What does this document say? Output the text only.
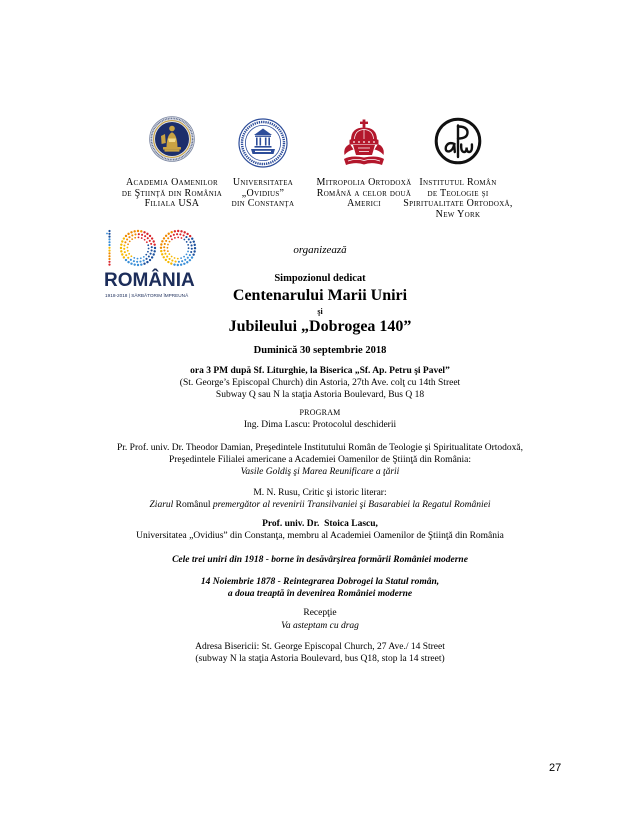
Academia Oamenilor
de Ştiinţă din România
Filiala USA
Universitatea
„Ovidius”
din Constanţa
Mitropolia Ortodoxă
Română a celor două
Americi
Institutul Român
de Teologie şi
Spiritualitate Ortodoxă,
New York
ROMÂNIA
1918-2018 | SĂRBĂTORIM ÎMPREUNĂ
organizează
Simpozionul dedicat
Centenarului Marii Uniri
şi
Jubileului „Dobrogea 140”
Duminică 30 septembrie 2018
ora 3 PM după Sf. Liturghie, la Biserica „Sf. Ap. Petru şi Pavel”
(St. George’s Episcopal Church) din Astoria, 27th Ave. colţ cu 14th Street
Subway Q sau N la staţia Astoria Boulevard, Bus Q 18
PROGRAM
Ing. Dima Lascu: Protocolul deschiderii
Pr. Prof. univ. Dr. Theodor Damian, Preşedintele Institutului Român de Teologie şi Spiritualitate Ortodoxă,
Preşedintele Filialei americane a Academiei Oamenilor de Ştiinţă din România:
Vasile Goldiş şi Marea Reunificare a ţării
M. N. Rusu, Critic şi istoric literar:
Ziarul Românul premergător al revenirii Transilvaniei şi Basarabiei la Regatul României
Prof. univ. Dr.  Stoica Lascu,
Universitatea „Ovidius” din Constanţa, membru al Academiei Oamenilor de Ştiinţă din România
Cele trei uniri din 1918 - borne în desăvârşirea formării României moderne
14 Noiembrie 1878 - Reintegrarea Dobrogei la Statul român,
a doua treaptă în devenirea României moderne
Recepţie
Va asteptam cu drag
Adresa Bisericii: St. George Episcopal Church, 27 Ave./ 14 Street
(subway N la staţia Astoria Boulevard, bus Q18, stop la 14 street)
27
